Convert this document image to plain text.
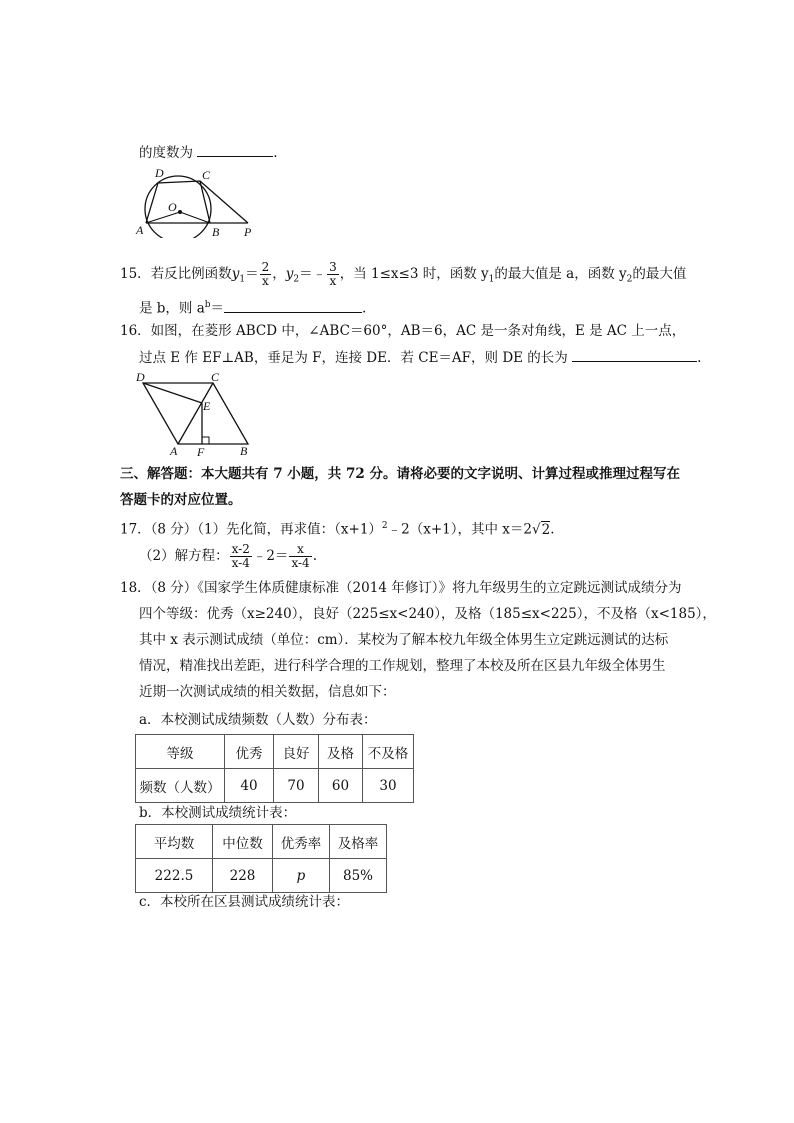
的度数为	.
D	C
O
A	B P
15．若反比例函数$y_1= \frac{2}{x}$ ，$y_2=﹣ \frac{3}{x}$ ，当 1≤x≤3 时，函数 $y_1$的最大值是 a，函数 $y_2$的最大值
是 b，则 $a^b=$	.
16．如图，在菱形 ABCD 中，∠ABC＝60°，AB＝6，AC 是一条对角线，E 是 AC 上一点，
过点 E 作 EF⊥AB，垂足为 F，连接 DE．若 CE＝AF，则 DE 的长为	.
D	C
E
A F	B
三、解答题：本大题共有 7 小题，共 72 分。请将必要的文字说明、计算过程或推理过程写在
答题卡的对应位置。
17．（8 分）（1）先化简，再求值：$(x+1)^2﹣2(x+1)$，其中 x＝2√2.
（2）解方程： $\frac{x-2}{x-4}$ ﹣2＝ $\frac{x}{x-4}$ .
18．（8 分）《国家学生体质健康标准（2014 年修订）》将九年级男生的立定跳远测试成绩分为
四个等级：优秀（x≥240），良好（225≤x<240），及格（185≤x<225），不及格（x<185），
其中 x 表示测试成绩（单位：cm）．某校为了解本校九年级全体男生立定跳远测试的达标
情况，精准找出差距，进行科学合理的工作规划，整理了本校及所在区县九年级全体男生
近期一次测试成绩的相关数据，信息如下：
a．本校测试成绩频数（人数）分布表：
等级	优秀	良好	及格	不及格
频数（人数）	40	70	60	30
b．本校测试成绩统计表：
平均数	中位数	优秀率	及格率
222.5	228	p	85%
c．本校所在区县测试成绩统计表：
